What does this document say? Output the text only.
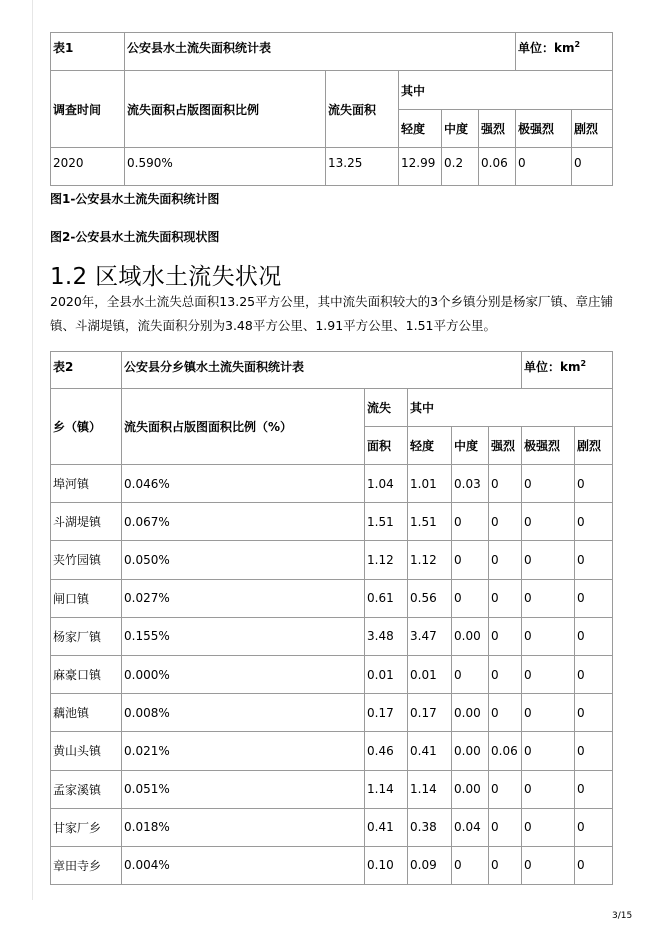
表1	公安县水土流失面积统计表					单位：$km^2$
调查时间	流失面积占版图面积比例	流失面积	其中				
			轻度	中度	强烈	极强烈	剧烈
2020	0.590%	13.25	12.99	0.2	0.06	0	0
图1-公安县水土流失面积统计图
图2-公安县水土流失面积现状图
1.2 区域水土流失状况
2020年，全县水土流失总面积13.25平方公里，其中流失面积较大的3个乡镇分别是杨家厂镇、章庄铺镇、斗湖堤镇，流失面积分别为3.48平方公里、1.91平方公里、1.51平方公里。
表2	公安县分乡镇水土流失面积统计表					单位：$km^2$
乡（镇）	流失面积占版图面积比例（%）	流失	其中				
		面积	轻度	中度	强烈	极强烈	剧烈
埠河镇	0.046%	1.04	1.01	0.03	0	0	0
斗湖堤镇	0.067%	1.51	1.51	0	0	0	0
夹竹园镇	0.050%	1.12	1.12	0	0	0	0
闸口镇	0.027%	0.61	0.56	0	0	0	0
杨家厂镇	0.155%	3.48	3.47	0.00	0	0	0
麻豪口镇	0.000%	0.01	0.01	0	0	0	0
藕池镇	0.008%	0.17	0.17	0.00	0	0	0
黄山头镇	0.021%	0.46	0.41	0.00	0.06	0	0
孟家溪镇	0.051%	1.14	1.14	0.00	0	0	0
甘家厂乡	0.018%	0.41	0.38	0.04	0	0	0
章田寺乡	0.004%	0.10	0.09	0	0	0	0
3/15
